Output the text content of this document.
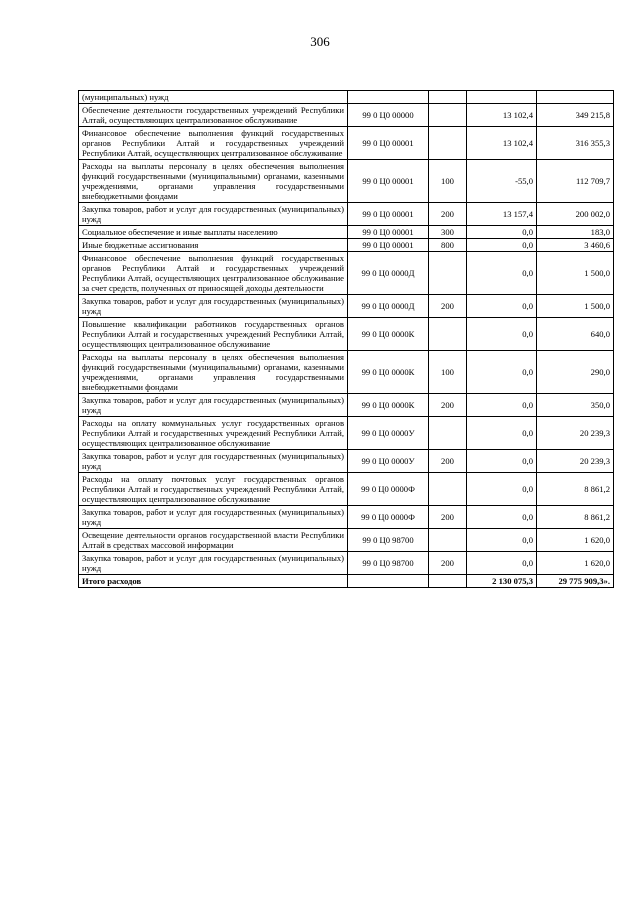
306
(муниципальных) нужд				
Обеспечение деятельности государственных учреждений Республики Алтай, осуществляющих централизованное обслуживание	99 0 Ц0 00000		13 102,4	349 215,8
Финансовое обеспечение выполнения функций государственных органов Республики Алтай и государственных учреждений Республики Алтай, осуществляющих централизованное обслуживание	99 0 Ц0 00001		13 102,4	316 355,3
Расходы на выплаты персоналу в целях обеспечения выполнения функций государственными (муниципальными) органами, казенными учреждениями, органами управления государственными внебюджетными фондами	99 0 Ц0 00001	100	-55,0	112 709,7
Закупка товаров, работ и услуг для государственных (муниципальных) нужд	99 0 Ц0 00001	200	13 157,4	200 002,0
Социальное обеспечение и иные выплаты населению	99 0 Ц0 00001	300	0,0	183,0
Иные бюджетные ассигнования	99 0 Ц0 00001	800	0,0	3 460,6
Финансовое обеспечение выполнения функций государственных органов Республики Алтай и государственных учреждений Республики Алтай, осуществляющих централизованное обслуживание за счет средств, полученных от приносящей доходы деятельности	99 0 Ц0 0000Д		0,0	1 500,0
Закупка товаров, работ и услуг для государственных (муниципальных) нужд	99 0 Ц0 0000Д	200	0,0	1 500,0
Повышение квалификации работников государственных органов Республики Алтай и государственных учреждений Республики Алтай, осуществляющих централизованное обслуживание	99 0 Ц0 0000К		0,0	640,0
Расходы на выплаты персоналу в целях обеспечения выполнения функций государственными (муниципальными) органами, казенными учреждениями, органами управления государственными внебюджетными фондами	99 0 Ц0 0000К	100	0,0	290,0
Закупка товаров, работ и услуг для государственных (муниципальных) нужд	99 0 Ц0 0000К	200	0,0	350,0
Расходы на оплату коммунальных услуг государственных органов Республики Алтай и государственных учреждений Республики Алтай, осуществляющих централизованное обслуживание	99 0 Ц0 0000У		0,0	20 239,3
Закупка товаров, работ и услуг для государственных (муниципальных) нужд	99 0 Ц0 0000У	200	0,0	20 239,3
Расходы на оплату почтовых услуг государственных органов Республики Алтай и государственных учреждений Республики Алтай, осуществляющих централизованное обслуживание	99 0 Ц0 0000Ф		0,0	8 861,2
Закупка товаров, работ и услуг для государственных (муниципальных) нужд	99 0 Ц0 0000Ф	200	0,0	8 861,2
Освещение деятельности органов государственной власти Республики Алтай в средствах массовой информации	99 0 Ц0 98700		0,0	1 620,0
Закупка товаров, работ и услуг для государственных (муниципальных) нужд	99 0 Ц0 98700	200	0,0	1 620,0
Итого расходов			2 130 075,3	29 775 909,3».
